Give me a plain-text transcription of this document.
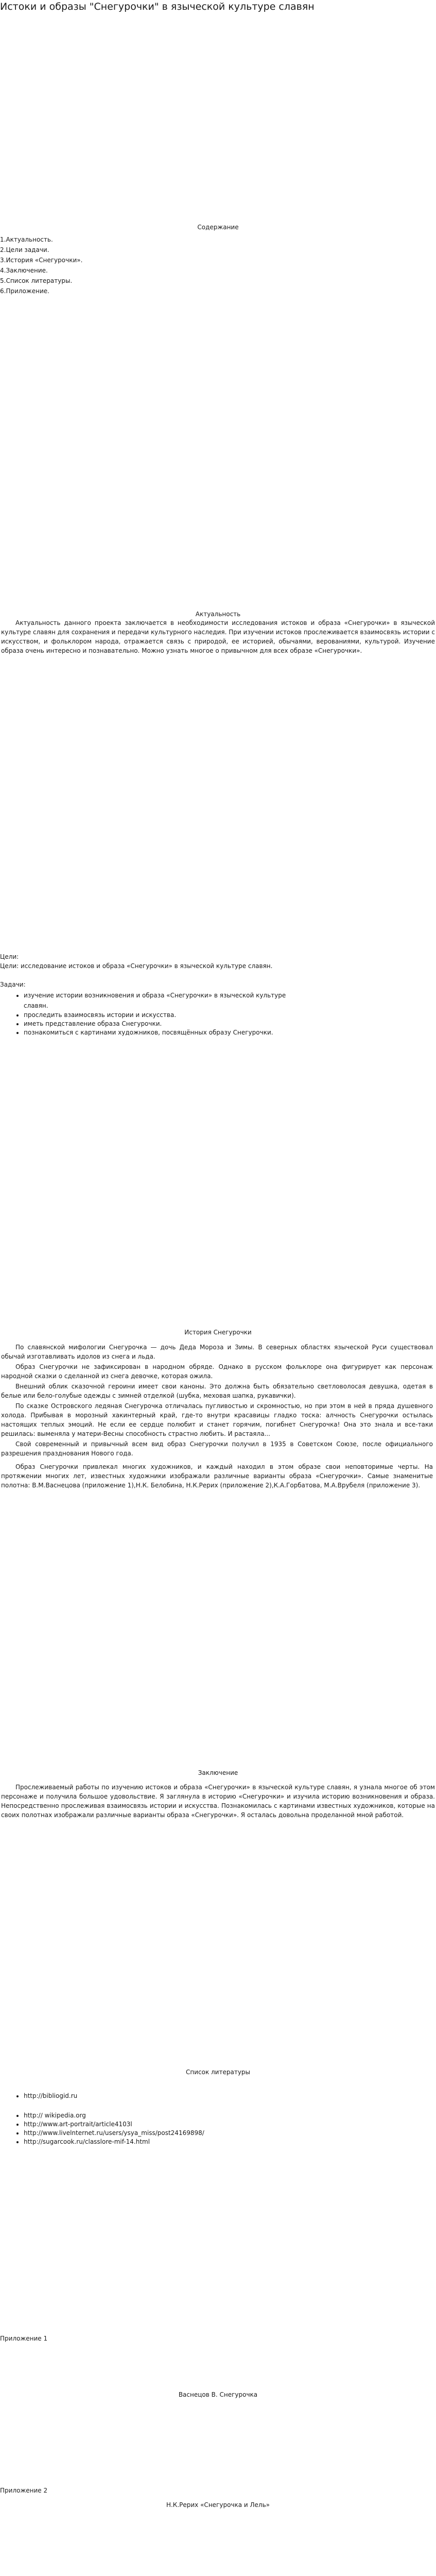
Истоки и образы "Снегурочки" в языческой культуре славян
Содержание

1.Актуальность.

2.Цели задачи.

3.История «Снегурочки».

4.Заключение.

5.Список литературы.

6.Приложение.

Актуальность

Актуальность данного проекта заключается в необходимости исследования истоков и образа «Снегурочки» в языческой культуре славян для сохранения и передачи культурного наследия. При изучении истоков прослеживается взаимосвязь истории с искусством, и фольклором народа, отражается связь с природой, ее историей, обычаями, верованиями, культурой. Изучение образа очень интересно и познавательно. Можно узнать многое о привычном для всех образе «Снегурочки».

Цели:

Цели: исследование истоков и образа «Снегурочки» в языческой культуре славян.

Задачи:

• изучение истории возникновения и образа «Снегурочки» в языческой культуре славян.
• проследить взаимосвязь истории и искусства.
• иметь представление образа Снегурочки.
• познакомиться с картинами художников, посвящённых образу Снегурочки.
История Снегурочки

По славянской мифологии Снегурочка — дочь Деда Мороза и Зимы. В северных областях языческой Руси существовал обычай изготавливать идолов из снега и льда.

Образ Снегурочки не зафиксирован в народном обряде. Однако в русском фольклоре она фигурирует как персонаж народной сказки о сделанной из снега девочке, которая ожила.

Внешний облик сказочной героини имеет свои каноны. Это должна быть обязательно светловолосая девушка, одетая в белые или бело-голубые одежды с зимней отделкой (шубка, меховая шапка, рукавички).

По сказке Островского ледяная Снегурочка отличалась пугливостью и скромностью, но при этом в ней в пряда душевного холода. Прибывая в морозный хакинтерный край, где-то внутри красавицы гладко тоска: алчность Снегурочки остылась настоящих теплых эмоций. Не если ее сердце полюбит и станет горячим, погибнет Снегурочка! Она это знала и все-таки решилась: выменяла у матери-Весны способность страстно любить. И растаяла...

Свой современный и привычный всем вид образ Снегурочки получил в 1935 в Советском Союзе, после официального разрешения празднования Нового года.

Образ Снегурочки привлекал многих художников, и каждый находил в этом образе свои неповторимые черты. На протяжении многих лет, известных художники изображали различные варианты образа «Снегурочки». Самые знаменитые полотна: В.М.Васнецова (приложение 1),Н.К. Белобина, Н.К.Рерих (приложение 2),К.А.Горбатова, М.А.Врубеля (приложение 3).

Заключение

Прослеживаемый работы по изучению истоков и образа «Снегурочки» в языческой культуре славян, я узнала многое об этом персонаже и получила большое удовольствие. Я заглянула в историю «Снегурочки» и изучила историю возникновения и образа. Непосредственно прослеживая взаимосвязь истории и искусства. Познакомилась с картинами известных художников, которые на своих полотнах изображали различные варианты образа «Снегурочки». Я осталась довольна проделанной мной работой.

Список литературы
• http://bibliogid.ru
• http:// wikipedia.org
• http://www.art-portrait/article4103l
• http://www.livelnternet.ru/users/ysya_miss/post24169898/
• http://sugarcook.ru/classlore-mif-14.html

Приложение 1

Васнецов В. Снегурочка

Приложение 2

Н.К.Рерих «Снегурочка и Лель»
